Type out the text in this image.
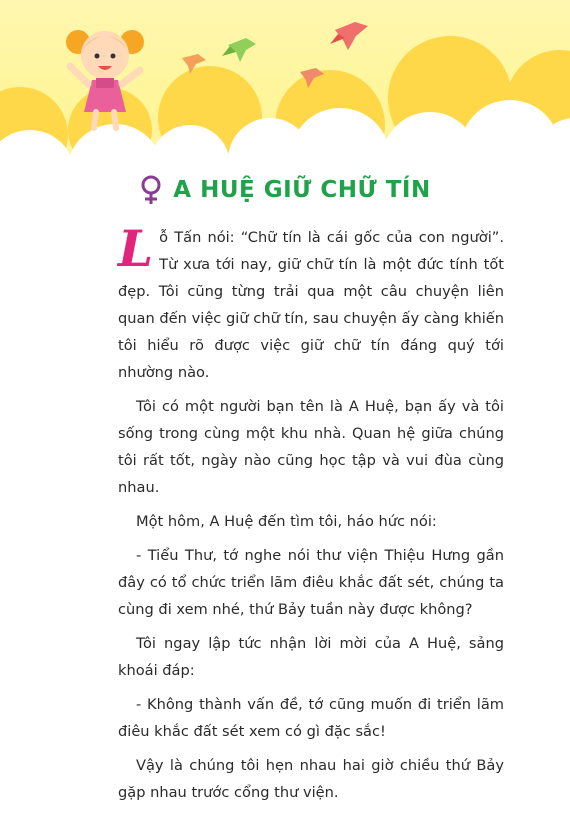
A HUỆ GIỮ CHỮ TÍN

Lỗ Tấn nói: “Chữ tín là cái gốc của con người”. Từ xưa tới nay, giữ chữ tín là một đức tính tốt đẹp. Tôi cũng từng trải qua một câu chuyện liên quan đến việc giữ chữ tín, sau chuyện ấy càng khiến tôi hiểu rõ được việc giữ chữ tín đáng quý tới nhường nào.

Tôi có một người bạn tên là A Huệ, bạn ấy và tôi sống trong cùng một khu nhà. Quan hệ giữa chúng tôi rất tốt, ngày nào cũng học tập và vui đùa cùng nhau.

Một hôm, A Huệ đến tìm tôi, háo hức nói:

- Tiểu Thư, tớ nghe nói thư viện Thiệu Hưng gần đây có tổ chức triển lãm điêu khắc đất sét, chúng ta cùng đi xem nhé, thứ Bảy tuần này được không?

Tôi ngay lập tức nhận lời mời của A Huệ, sảng khoái đáp:

- Không thành vấn đề, tớ cũng muốn đi triển lãm điêu khắc đất sét xem có gì đặc sắc!

Vậy là chúng tôi hẹn nhau hai giờ chiều thứ Bảy gặp nhau trước cổng thư viện.
